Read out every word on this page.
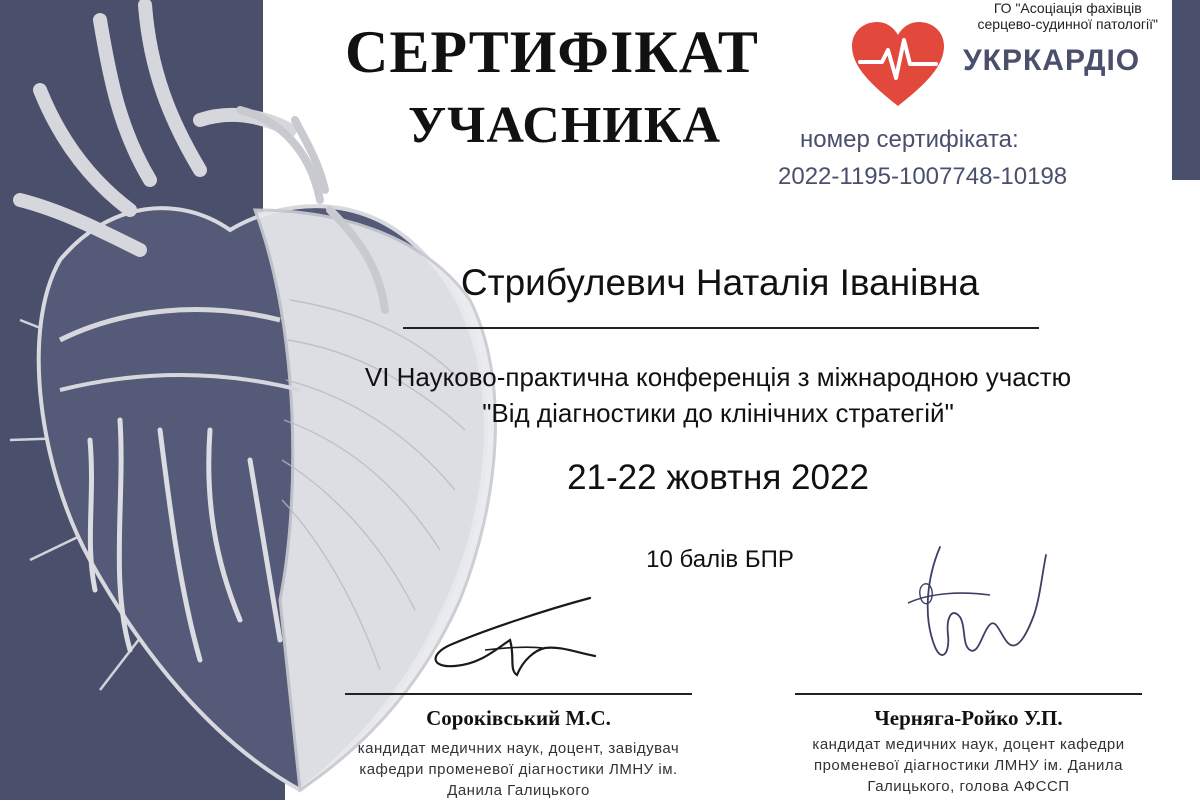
СЕРТИФІКАТ
УЧАСНИКА
ГО "Асоціація фахівців
серцево-судинної патології"
УКРКАРДІО
номер сертифіката:
2022-1195-1007748-10198
Стрибулевич Наталія Іванівна
VI Науково-практична конференція з міжнародною участю
"Від діагностики до клінічних стратегій"
21-22 жовтня 2022
10 балів БПР
Сороківський М.С.
кандидат медичних наук, доцент, завідувач
кафедри променевої діагностики ЛМНУ ім.
Данила Галицького
Черняга-Ройко У.П.
кандидат медичних наук, доцент кафедри
променевої діагностики ЛМНУ ім. Данила
Галицького, голова АФССП
